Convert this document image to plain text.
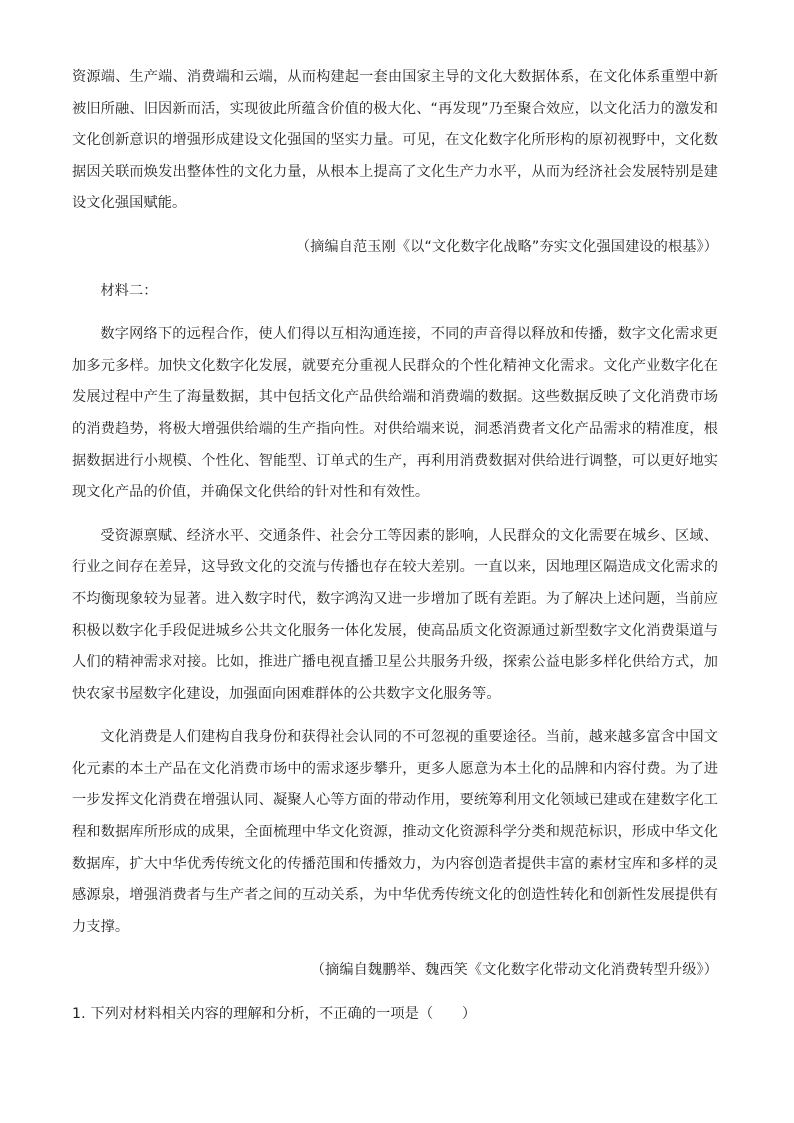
资源端、生产端、消费端和云端，从而构建起一套由国家主导的文化大数据体系，在文化体系重塑中新被旧所融、旧因新而活，实现彼此所蕴含价值的极大化、“再发现”乃至聚合效应，以文化活力的激发和文化创新意识的增强形成建设文化强国的坚实力量。可见，在文化数字化所形构的原初视野中，文化数据因关联而焕发出整体性的文化力量，从根本上提高了文化生产力水平，从而为经济社会发展特别是建设文化强国赋能。

（摘编自范玉刚《以“文化数字化战略”夯实文化强国建设的根基》）

材料二：

数字网络下的远程合作，使人们得以互相沟通连接，不同的声音得以释放和传播，数字文化需求更加多元多样。加快文化数字化发展，就要充分重视人民群众的个性化精神文化需求。文化产业数字化在发展过程中产生了海量数据，其中包括文化产品供给端和消费端的数据。这些数据反映了文化消费市场的消费趋势，将极大增强供给端的生产指向性。对供给端来说，洞悉消费者文化产品需求的精准度，根据数据进行小规模、个性化、智能型、订单式的生产，再利用消费数据对供给进行调整，可以更好地实现文化产品的价值，并确保文化供给的针对性和有效性。

受资源禀赋、经济水平、交通条件、社会分工等因素的影响，人民群众的文化需要在城乡、区域、行业之间存在差异，这导致文化的交流与传播也存在较大差别。一直以来，因地理区隔造成文化需求的不均衡现象较为显著。进入数字时代，数字鸿沟又进一步增加了既有差距。为了解决上述问题，当前应积极以数字化手段促进城乡公共文化服务一体化发展，使高品质文化资源通过新型数字文化消费渠道与人们的精神需求对接。比如，推进广播电视直播卫星公共服务升级，探索公益电影多样化供给方式，加快农家书屋数字化建设，加强面向困难群体的公共数字文化服务等。

文化消费是人们建构自我身份和获得社会认同的不可忽视的重要途径。当前，越来越多富含中国文化元素的本土产品在文化消费市场中的需求逐步攀升，更多人愿意为本土化的品牌和内容付费。为了进一步发挥文化消费在增强认同、凝聚人心等方面的带动作用，要统筹利用文化领域已建或在建数字化工程和数据库所形成的成果，全面梳理中华文化资源，推动文化资源科学分类和规范标识，形成中华文化数据库，扩大中华优秀传统文化的传播范围和传播效力，为内容创造者提供丰富的素材宝库和多样的灵感源泉，增强消费者与生产者之间的互动关系，为中华优秀传统文化的创造性转化和创新性发展提供有力支撑。

（摘编自魏鹏举、魏西笑《文化数字化带动文化消费转型升级》）

1. 下列对材料相关内容的理解和分析，不正确的一项是（　　）
